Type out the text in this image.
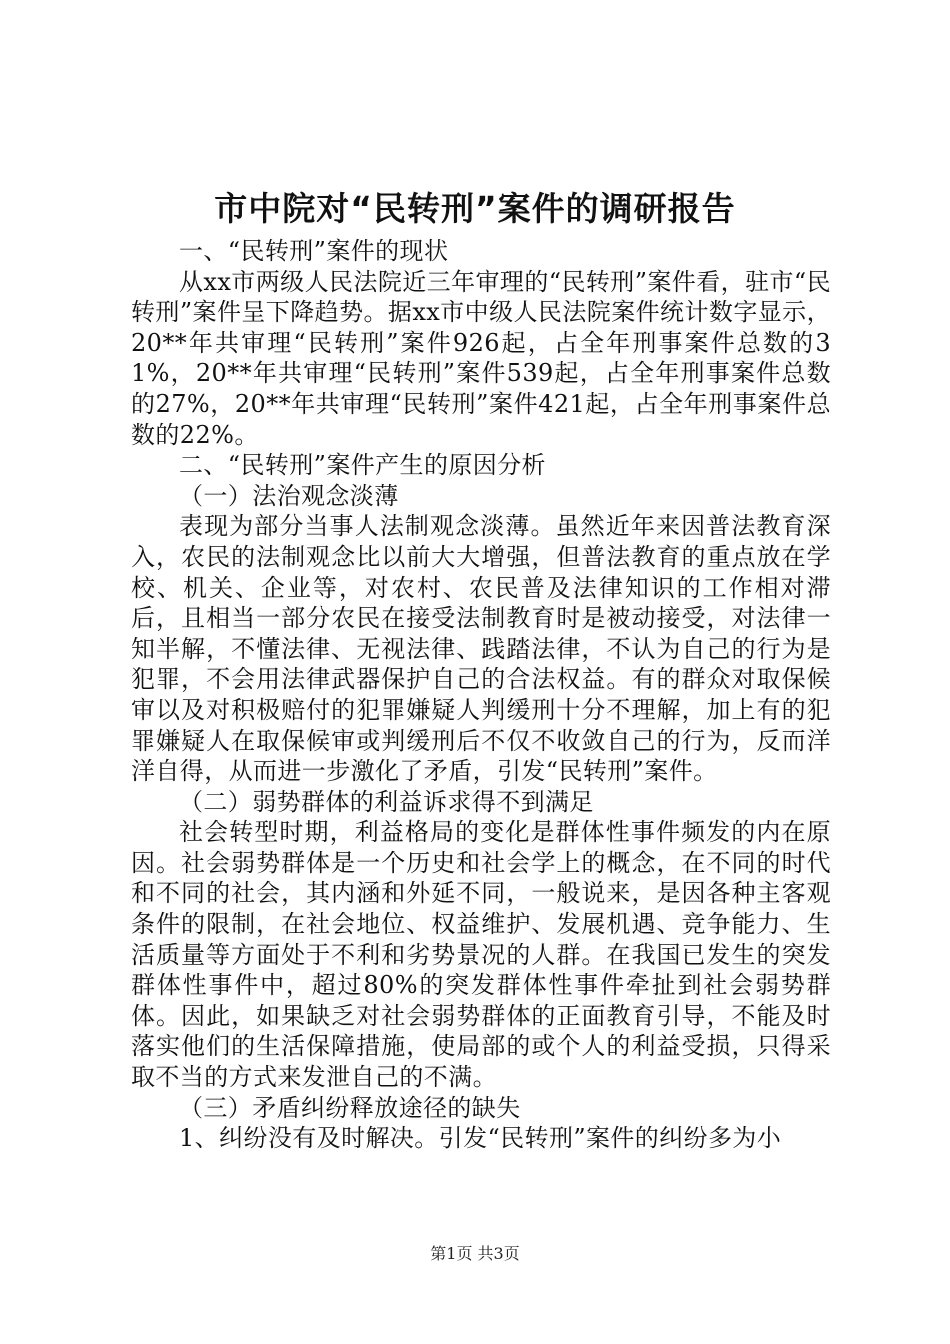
市中院对“民转刑”案件的调研报告

一、“民转刑”案件的现状

从xx市两级人民法院近三年审理的“民转刑”案件看，驻市“民转刑”案件呈下降趋势。据xx市中级人民法院案件统计数字显示，20**年共审理“民转刑”案件926起，占全年刑事案件总数的31%，20**年共审理“民转刑”案件539起，占全年刑事案件总数的27%，20**年共审理“民转刑”案件421起，占全年刑事案件总数的22%。

二、“民转刑”案件产生的原因分析

（一）法治观念淡薄

表现为部分当事人法制观念淡薄。虽然近年来因普法教育深入，农民的法制观念比以前大大增强，但普法教育的重点放在学校、机关、企业等，对农村、农民普及法律知识的工作相对滞后，且相当一部分农民在接受法制教育时是被动接受，对法律一知半解，不懂法律、无视法律、践踏法律，不认为自己的行为是犯罪，不会用法律武器保护自己的合法权益。有的群众对取保候审以及对积极赔付的犯罪嫌疑人判缓刑十分不理解，加上有的犯罪嫌疑人在取保候审或判缓刑后不仅不收敛自己的行为，反而洋洋自得，从而进一步激化了矛盾，引发“民转刑”案件。

（二）弱势群体的利益诉求得不到满足

社会转型时期，利益格局的变化是群体性事件频发的内在原因。社会弱势群体是一个历史和社会学上的概念，在不同的时代和不同的社会，其内涵和外延不同，一般说来，是因各种主客观条件的限制，在社会地位、权益维护、发展机遇、竞争能力、生活质量等方面处于不利和劣势景况的人群。在我国已发生的突发群体性事件中，超过80%的突发群体性事件牵扯到社会弱势群体。因此，如果缺乏对社会弱势群体的正面教育引导，不能及时落实他们的生活保障措施，使局部的或个人的利益受损，只得采取不当的方式来发泄自己的不满。

（三）矛盾纠纷释放途径的缺失

1、纠纷没有及时解决。引发“民转刑”案件的纠纷多为小

第1页 共3页
